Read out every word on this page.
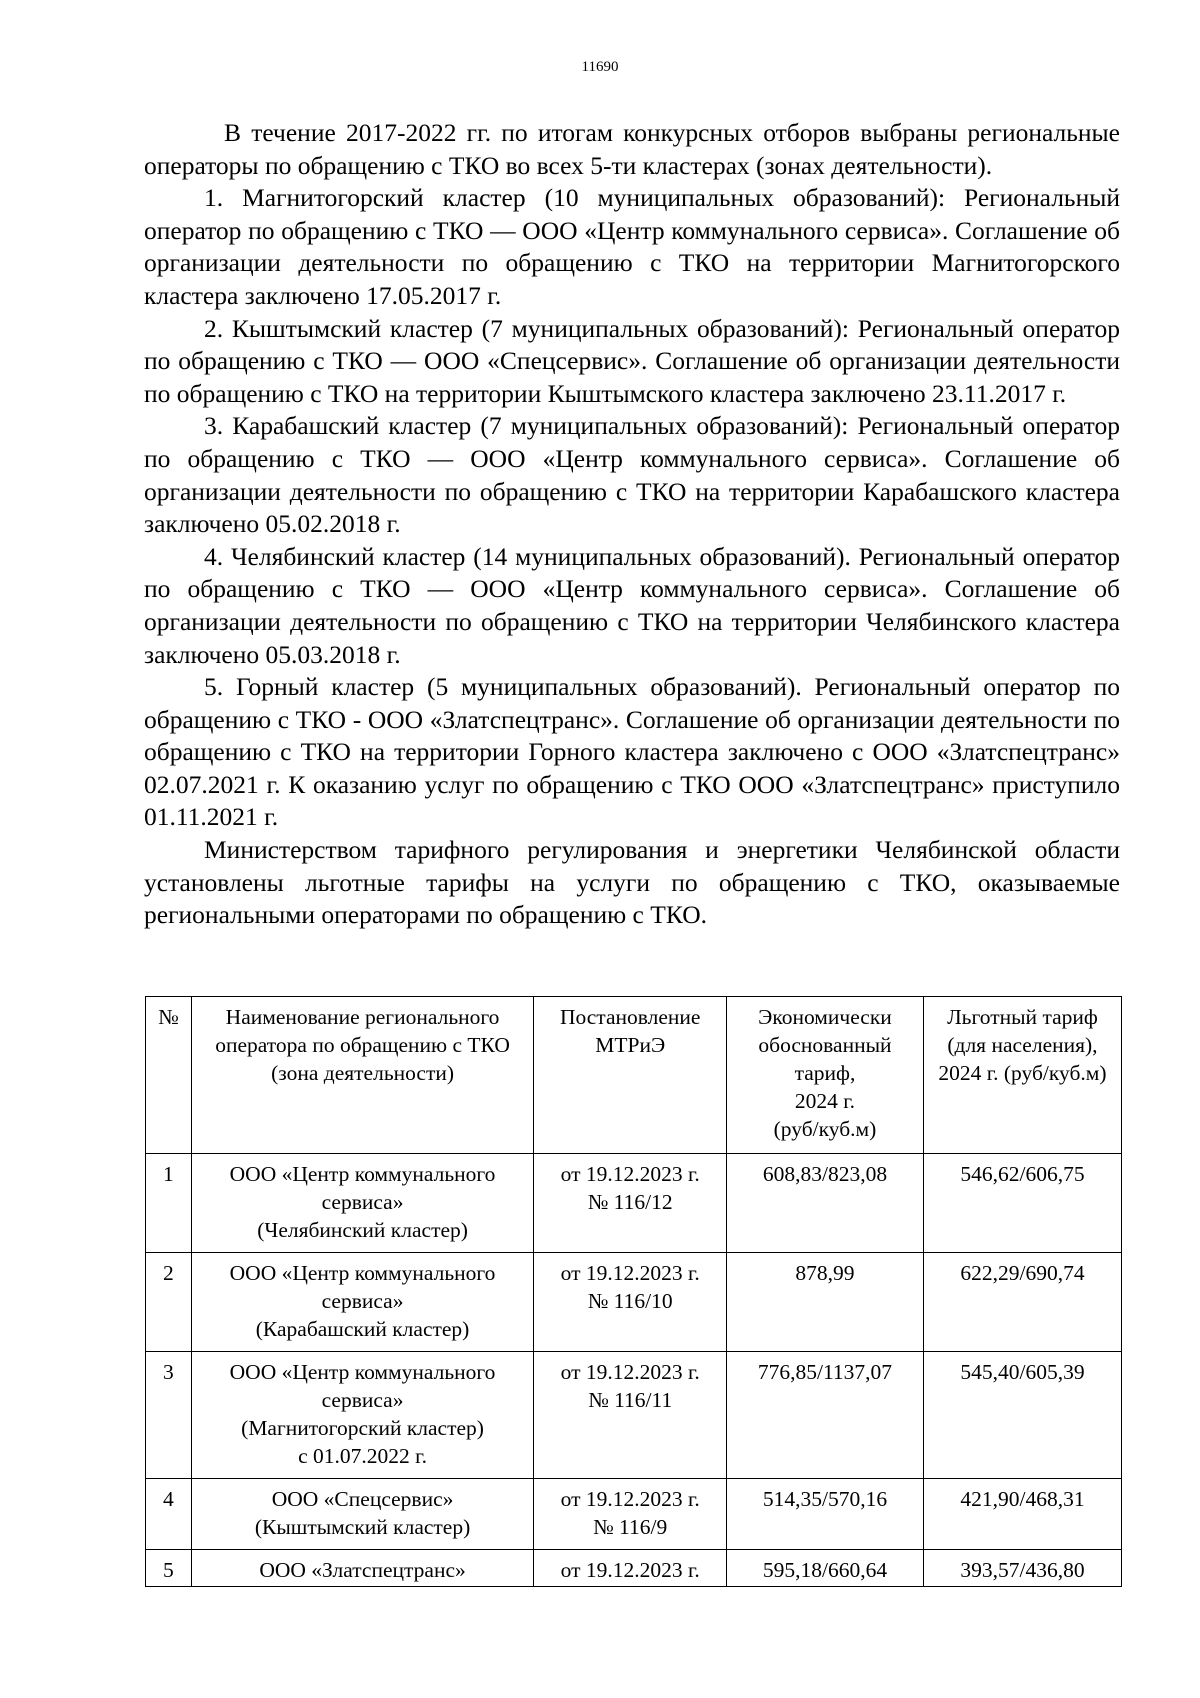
11690

В течение 2017-2022 гг. по итогам конкурсных отборов выбраны региональные операторы по обращению с ТКО во всех 5-ти кластерах (зонах деятельности).

1. Магнитогорский кластер (10 муниципальных образований): Региональный оператор по обращению с ТКО — ООО «Центр коммунального сервиса». Соглашение об организации деятельности по обращению с ТКО на территории Магнитогорского кластера заключено 17.05.2017 г.

2. Кыштымский кластер (7 муниципальных образований): Региональный оператор по обращению с ТКО — ООО «Спецсервис». Соглашение об организации деятельности по обращению с ТКО на территории Кыштымского кластера заключено 23.11.2017 г.

3. Карабашский кластер (7 муниципальных образований): Региональный оператор по обращению с ТКО — ООО «Центр коммунального сервиса». Соглашение об организации деятельности по обращению с ТКО на территории Карабашского кластера заключено 05.02.2018 г.

4. Челябинский кластер (14 муниципальных образований). Региональный оператор по обращению с ТКО — ООО «Центр коммунального сервиса». Соглашение об организации деятельности по обращению с ТКО на территории Челябинского кластера заключено 05.03.2018 г.

5. Горный кластер (5 муниципальных образований). Региональный оператор по обращению с ТКО - ООО «Златспецтранс». Соглашение об организации деятельности по обращению с ТКО на территории Горного кластера заключено с ООО «Златспецтранс» 02.07.2021 г. К оказанию услуг по обращению с ТКО ООО «Златспецтранс» приступило 01.11.2021 г.

Министерством тарифного регулирования и энергетики Челябинской области установлены льготные тарифы на услуги по обращению с ТКО, оказываемые региональными операторами по обращению с ТКО.

№	Наименование регионального оператора по обращению с ТКО (зона деятельности)	Постановление МТРиЭ	Экономически
обоснованный
тариф,
2024 г.
(руб/куб.м)	Льготный тариф (для населения), 2024 г. (руб/куб.м)
1	ООО «Центр коммунального
сервиса»
(Челябинский кластер)	от 19.12.2023 г.
№ 116/12	608,83/823,08	546,62/606,75
2	ООО «Центр коммунального
сервиса»
(Карабашский кластер)	от 19.12.2023 г.
№ 116/10	878,99	622,29/690,74
3	ООО «Центр коммунального
сервиса»
(Магнитогорский кластер)
с 01.07.2022 г.	от 19.12.2023 г.
№ 116/11	776,85/1137,07	545,40/605,39
4	ООО «Спецсервис»
(Кыштымский кластер)	от 19.12.2023 г.
№ 116/9	514,35/570,16	421,90/468,31
5	ООО «Златспецтранс»	от 19.12.2023 г.	595,18/660,64	393,57/436,80
